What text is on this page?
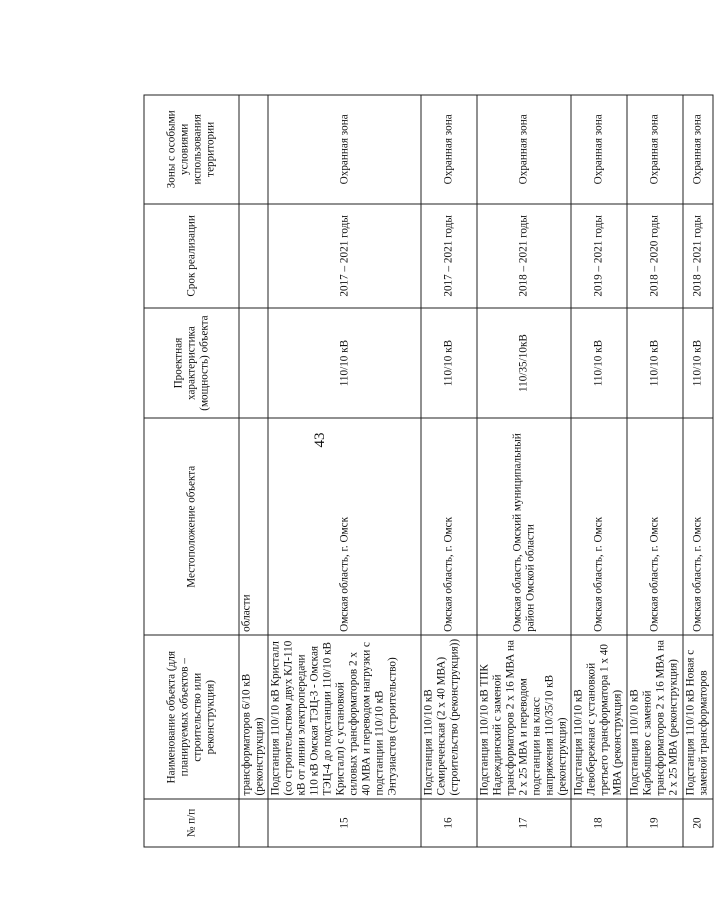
43
№ п/п	Наименование объекта (для планируемых объектов – строительство или реконструкция)	Местоположение объекта	Проектная характеристика (мощность) объекта	Срок реализации	Зоны с особыми условиями использования территории
	трансформаторов 6/10 кВ (реконструкция)	области			
15	Подстанция 110/10 кВ Кристалл (со строительством двух КЛ-110 кВ от линии электропередачи 110 кВ Омская ТЭЦ-3 - Омская ТЭЦ-4 до подстанции 110/10 кВ Кристалл) с установкой силовых трансформаторов 2 х 40 МВА и переводом нагрузки с подстанции 110/10 кВ Энтузиастов (строительство)	Омская область, г. Омск	110/10 кВ	2017 – 2021 годы	Охранная зона
16	Подстанция 110/10 кВ Семиреченская (2 х 40 МВА) (строительство (реконструкция))	Омская область, г. Омск	110/10 кВ	2017 – 2021 годы	Охранная зона
17	Подстанция 110/10 кВ ТПК Надеждинский с заменой трансформаторов 2 х 16 МВА на 2 х 25 МВА и переводом подстанции на класс напряжения 110/35/10 кВ (реконструкция)	Омская область, Омский муниципальный район Омской области	110/35/10кВ	2018 – 2021 годы	Охранная зона
18	Подстанция 110/10 кВ Левобережная с установкой третьего трансформатора 1 х 40 МВА (реконструкция)	Омская область, г. Омск	110/10 кВ	2019 – 2021 годы	Охранная зона
19	Подстанция 110/10 кВ Карбышево с заменой трансформаторов 2 х 16 МВА на 2 х 25 МВА (реконструкция)	Омская область, г. Омск	110/10 кВ	2018 – 2020 годы	Охранная зона
20	Подстанция 110/10 кВ Новая с заменой трансформаторов	Омская область, г. Омск	110/10 кВ	2018 – 2021 годы	Охранная зона
